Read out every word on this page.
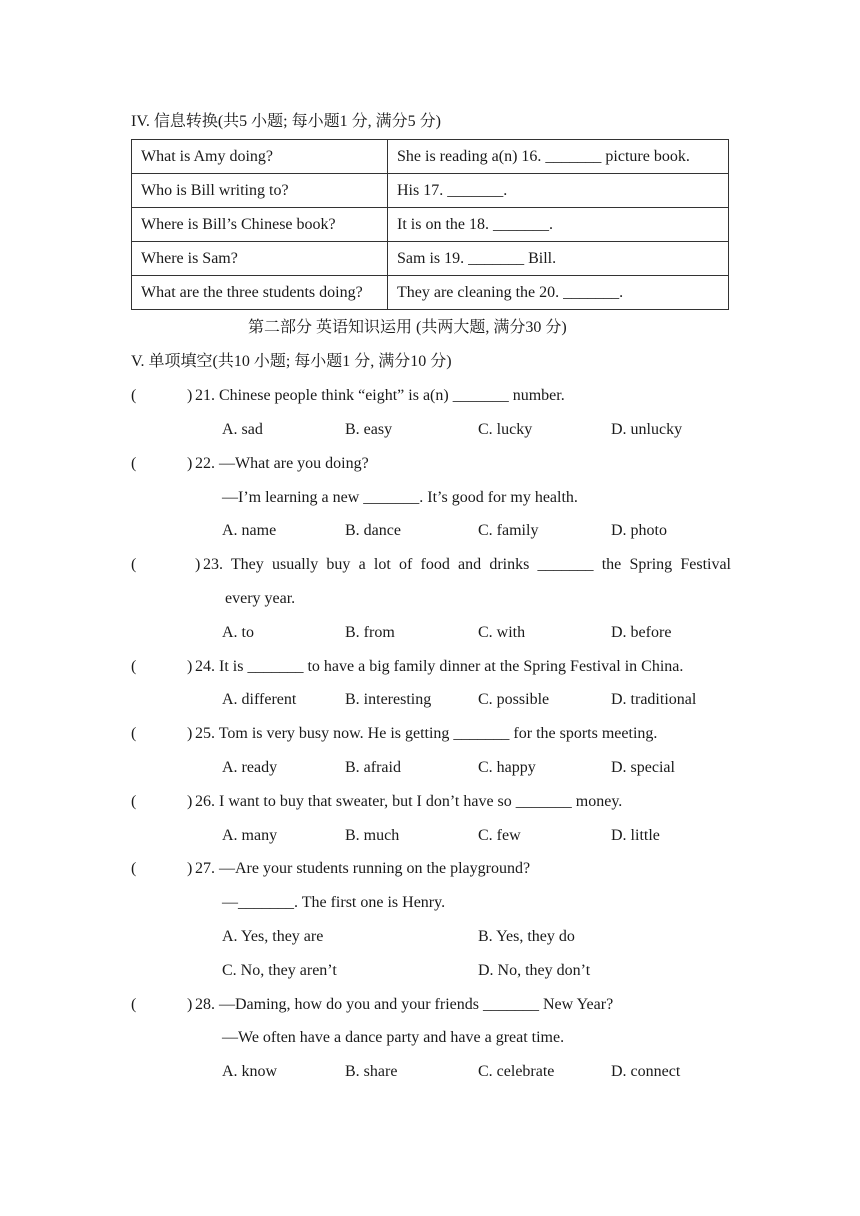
IV. 信息转换(共5 小题; 每小题1 分, 满分5 分)
What is Amy doing?	She is reading a(n) 16. _______ picture book.
Who is Bill writing to?	His 17. _______.
Where is Bill’s Chinese book?	It is on the 18. _______.
Where is Sam?	Sam is 19. _______ Bill.
What are the three students doing?	They are cleaning the 20. _______.
第二部分 英语知识运用 (共两大题, 满分30 分)
V. 单项填空(共10 小题; 每小题1 分, 满分10 分)
(	) 21. Chinese people think “eight” is a(n) _______ number.
A. sad	B. easy	C. lucky	D. unlucky
(	) 22. —What are you doing?
—I’m learning a new _______. It’s good for my health.
A. name	B. dance	C. family	D. photo
(	) 23. They usually buy a lot of food and drinks _______ the Spring Festival
every year.
A. to	B. from	C. with	D. before
(	) 24. It is _______ to have a big family dinner at the Spring Festival in China.
A. different	B. interesting	C. possible	D. traditional
(	) 25. Tom is very busy now. He is getting _______ for the sports meeting.
A. ready	B. afraid	C. happy	D. special
(	) 26. I want to buy that sweater, but I don’t have so _______ money.
A. many	B. much	C. few	D. little
(	) 27. —Are your students running on the playground?
—_______. The first one is Henry.
A. Yes, they are	B. Yes, they do
C. No, they aren’t	D. No, they don’t
(	) 28. —Daming, how do you and your friends _______ New Year?
—We often have a dance party and have a great time.
A. know	B. share	C. celebrate	D. connect
